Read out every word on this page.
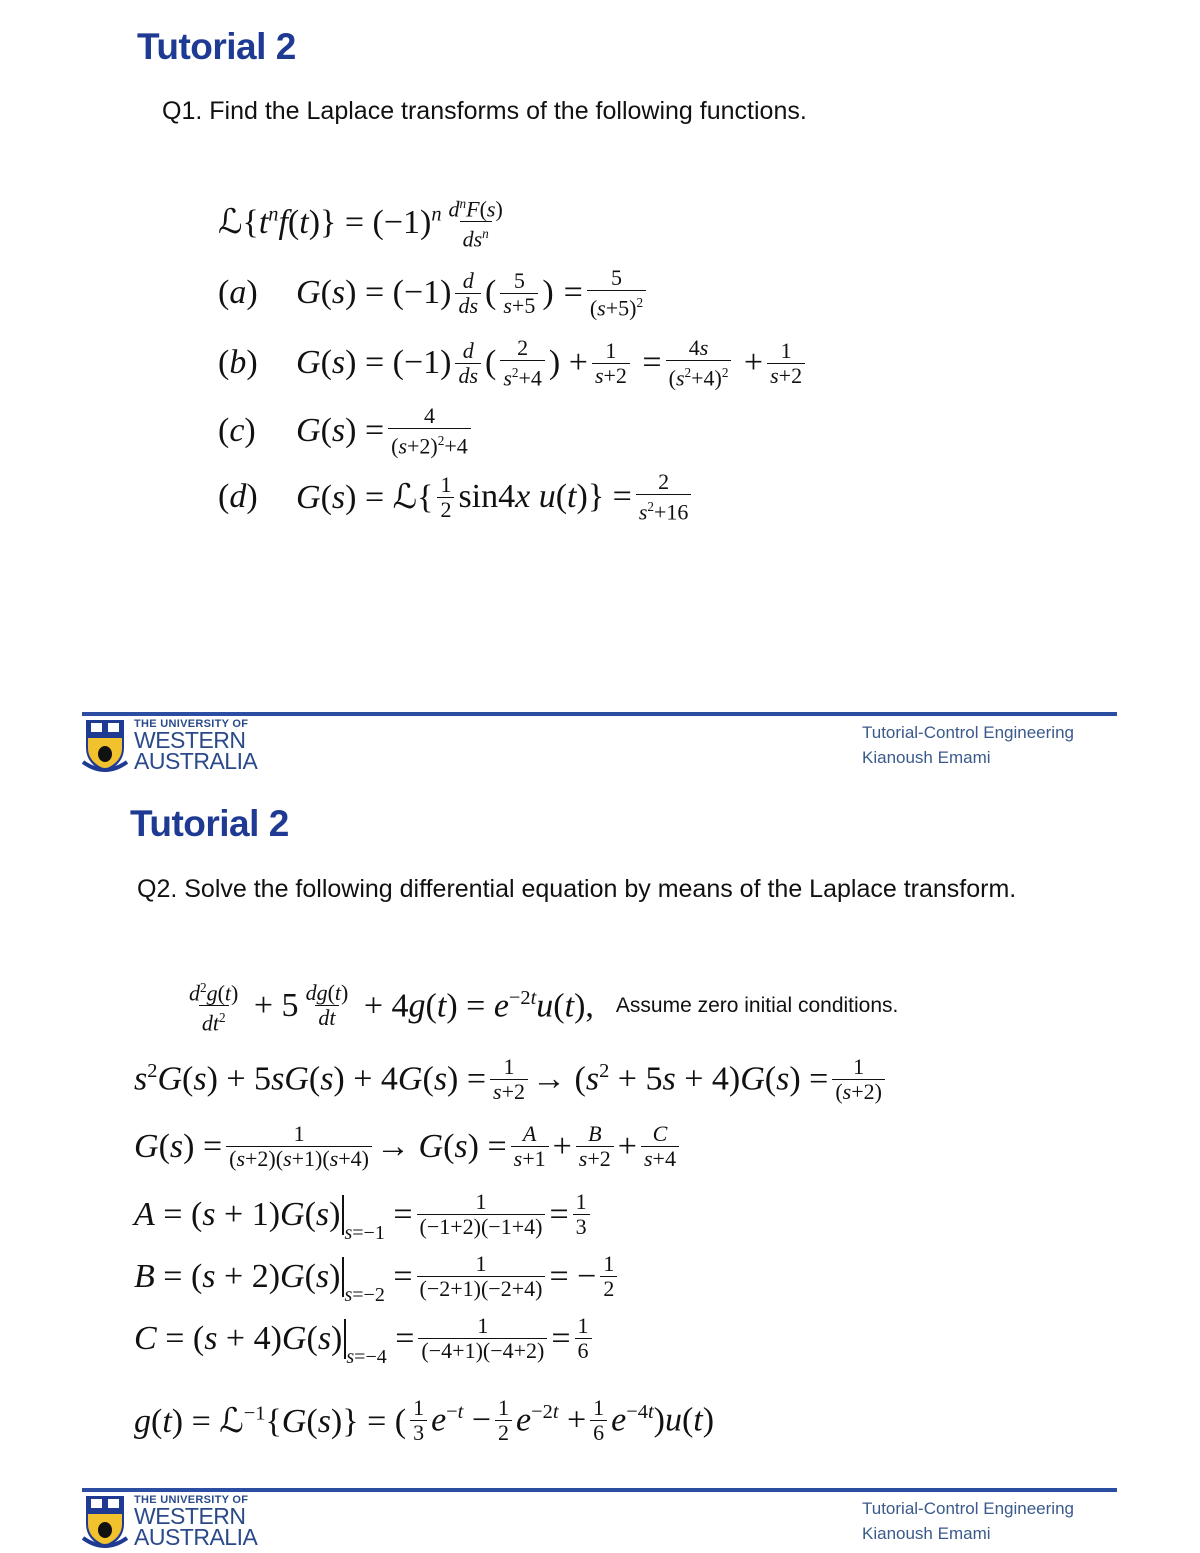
Tutorial 2
Q1. Find the Laplace transforms of the following functions.
$ℒ\{t^nf(t)\} = (-1)^n \frac{d^nF(s)}{ds^n}$
(a)	$G(s) = (-1) \frac{d}{ds}$ ( $\frac{5}{s+5}$ ) = $\frac{5}{(s+5)^2}$
(b)	$G(s) = (-1) \frac{d}{ds}$ ( $\frac{2}{s^2+4}$ ) + $\frac{1}{s+2} = \frac{4s}{(s^2+4)^2} + \frac{1}{s+2}$
(c)	$G(s) = \frac{4}{(s+2)^2+4}$
(d)	G(s) = ℒ{ $\frac{1}{2} \sin 4x$ $u(t)\} = \frac{2}{s^2+16}$
THE UNIVERSITY OF
WESTERN
AUSTRALIA
Tutorial-Control Engineering
Kianoush Emami
Tutorial 2
Q2. Solve the following differential equation by means of the Laplace transform.
$\frac{d^2g(t)}{dt^2} + 5 \frac{dg(t)}{dt} + 4g(t) = e^{-2t}u(t)$, Assume zero initial conditions.
$s^2G(s) + 5sG(s) + 4G(s) = \frac{1}{s+2} \to (s^2 + 5s + 4)G(s) = \frac{1}{(s+2)}$
$G(s) = \frac{1}{(s+2)(s+1)(s+4)} \to G(s) = \frac{A}{s+1} + \frac{B}{s+2} + \frac{C}{s+4}$
A = (s + 1)G(s)
s=−1
= $\frac{1}{(-1+2)(-1+4)} = \frac{1}{3}$
B = (s + 2)G(s)
s=−2
= $\frac{1}{(-2+1)(-2+4)}$ = − $\frac{1}{2}$
C = (s + 4)G(s)
s=−4
= $\frac{1}{(-4+1)(-4+2)} = \frac{1}{6}$
g(t) = ℒ$^{-1}${G(s)} = ( $\frac{1}{3} e^{-t} - \frac{1}{2} e^{-2t} + \frac{1}{6} e^{-4t})u(t)$
THE UNIVERSITY OF
WESTERN
AUSTRALIA
Tutorial-Control Engineering
Kianoush Emami
